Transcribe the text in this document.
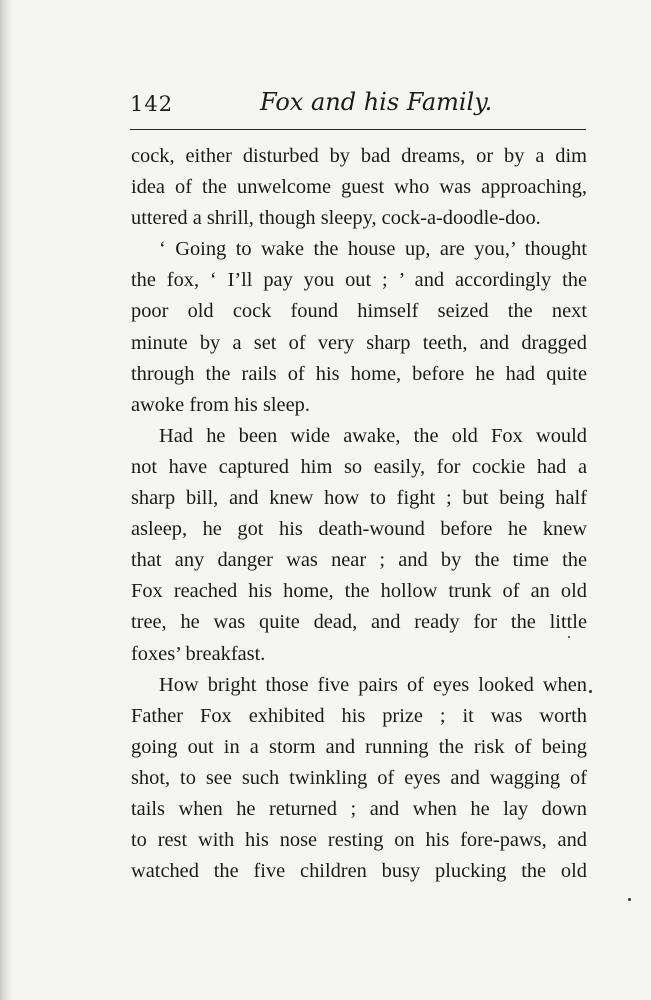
142	Fox and his Family.
cock, either disturbed by bad dreams, or by a dim
idea of the unwelcome guest who was approaching,
uttered a shrill, though sleepy, cock-a-doodle-doo.
‘ Going to wake the house up, are you,’ thought
the fox, ‘ I’ll pay you out ; ’ and accordingly the
poor old cock found himself seized the next
minute by a set of very sharp teeth, and dragged
through the rails of his home, before he had quite
awoke from his sleep.
Had he been wide awake, the old Fox would
not have captured him so easily, for cockie had a
sharp bill, and knew how to fight ; but being half
asleep, he got his death-wound before he knew
that any danger was near ; and by the time the
Fox reached his home, the hollow trunk of an old
tree, he was quite dead, and ready for the little
foxes’ breakfast.
How bright those five pairs of eyes looked when
Father Fox exhibited his prize ; it was worth
going out in a storm and running the risk of being
shot, to see such twinkling of eyes and wagging of
tails when he returned ; and when he lay down
to rest with his nose resting on his fore-paws, and
watched the five children busy plucking the old
